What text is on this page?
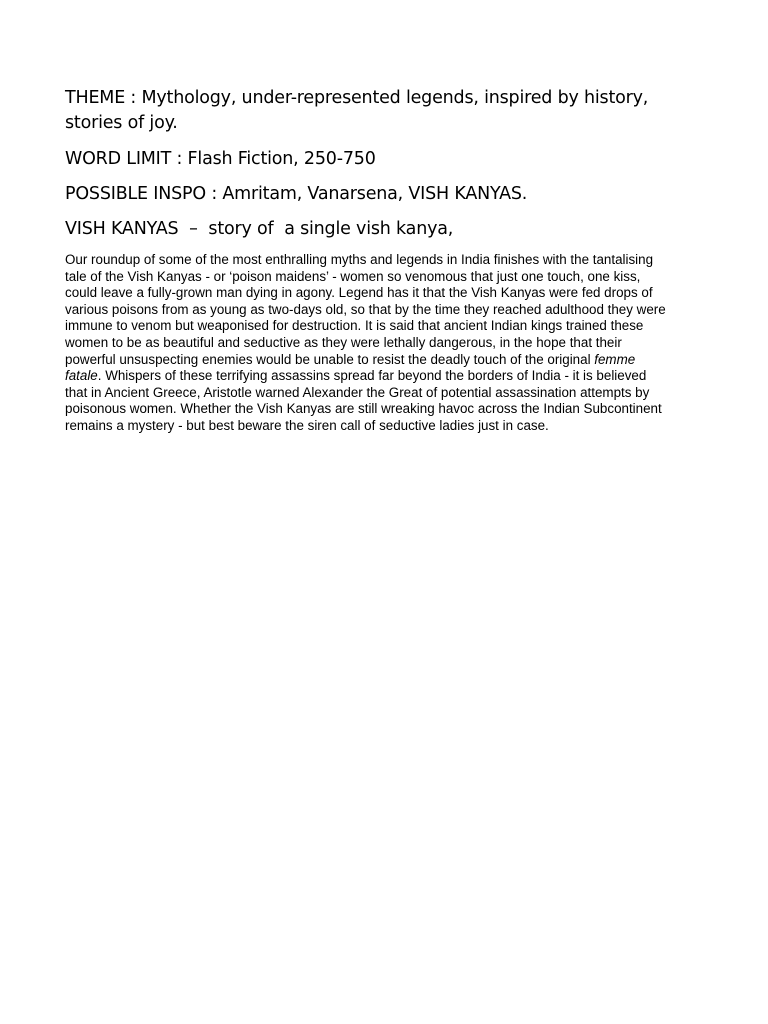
THEME : Mythology, under-represented legends, inspired by history, stories of joy.

WORD LIMIT : Flash Fiction, 250-750

POSSIBLE INSPO : Amritam, Vanarsena, VISH KANYAS.

VISH KANYAS  –  story of  a single vish kanya,

Our roundup of some of the most enthralling myths and legends in India finishes with the tantalising tale of the Vish Kanyas - or ‘poison maidens’ - women so venomous that just one touch, one kiss, could leave a fully-grown man dying in agony. Legend has it that the Vish Kanyas were fed drops of various poisons from as young as two-days old, so that by the time they reached adulthood they were immune to venom but weaponised for destruction. It is said that ancient Indian kings trained these women to be as beautiful and seductive as they were lethally dangerous, in the hope that their powerful unsuspecting enemies would be unable to resist the deadly touch of the original femme fatale. Whispers of these terrifying assassins spread far beyond the borders of India - it is believed that in Ancient Greece, Aristotle warned Alexander the Great of potential assassination attempts by poisonous women. Whether the Vish Kanyas are still wreaking havoc across the Indian Subcontinent remains a mystery - but best beware the siren call of seductive ladies just in case.
